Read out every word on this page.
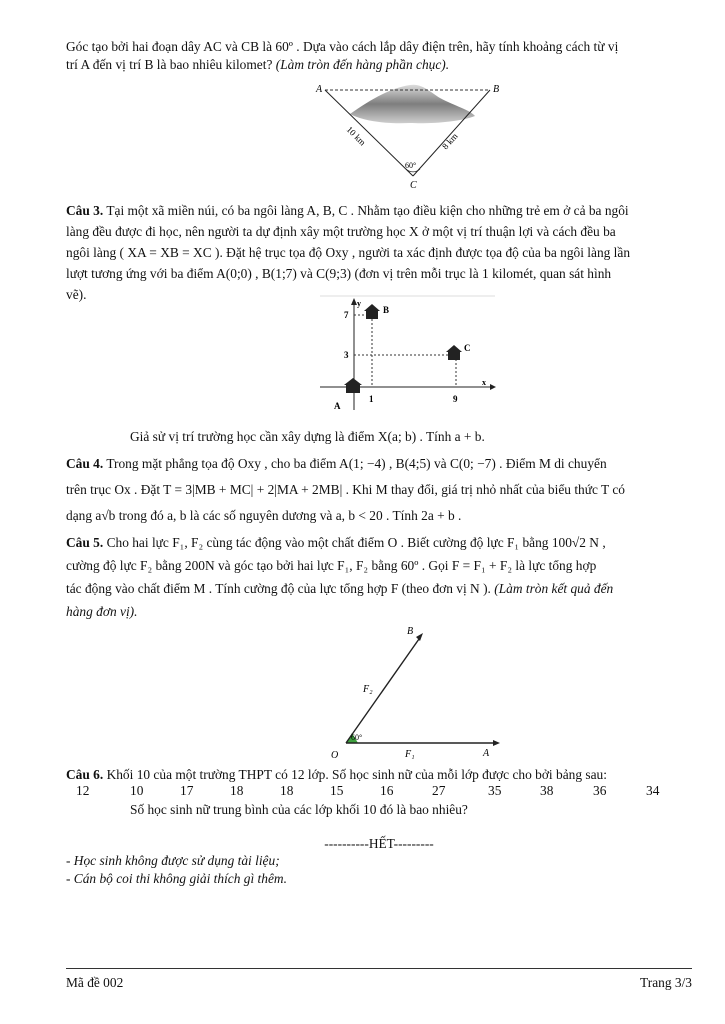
Góc tạo bởi hai đoạn dây AC và CB là 60º . Dựa vào cách lắp dây điện trên, hãy tính khoảng cách từ vị
trí A đến vị trí B là bao nhiêu kilomet? (Làm tròn đến hàng phần chục).

A	B
C
10 km	8 km
60°

Câu 3. Tại một xã miền núi, có ba ngôi làng A, B, C . Nhằm tạo điều kiện cho những trẻ em ở cả ba ngôi
làng đều được đi học, nên người ta dự định xây một trường học X ở một vị trí thuận lợi và cách đều ba
ngôi làng ( XA = XB = XC ). Đặt hệ trục tọa độ Oxy , người ta xác định được tọa độ của ba ngôi làng lần
lượt tương ứng với ba điểm A(0;0) , B(1;7) và C(9;3) (đơn vị trên mỗi trục là 1 kilomét, quan sát hình
vẽ).

y
x
7
3
1	9
A
B
C

Giả sử vị trí trường học cần xây dựng là điểm X(a; b) . Tính a + b.

Câu 4. Trong mặt phẳng tọa độ Oxy , cho ba điểm A(1; −4) , B(4;5) và C(0; −7) . Điểm M di chuyển
trên trục Ox . Đặt T = 3|MB + MC| + 2|MA + 2MB| . Khi M thay đổi, giá trị nhỏ nhất của biểu thức T có
dạng a√b trong đó a, b là các số nguyên dương và a, b < 20 . Tính 2a + b .

Câu 5. Cho hai lực F₁, F₂ cùng tác động vào một chất điểm O . Biết cường độ lực F₁ bằng 100√2 N ,
cường độ lực F₂ bằng 200N và góc tạo bởi hai lực F₁, F₂ bằng 60º . Gọi F = F₁ + F₂ là lực tổng hợp
tác động vào chất điểm M . Tính cường độ của lực tổng hợp F (theo đơn vị N ). (Làm tròn kết quả đến
hàng đơn vị).

O	A
B
F₂
F₁
60°

Câu 6. Khối 10 của một trường THPT có 12 lớp. Số học sinh nữ của mỗi lớp được cho bởi bảng sau:

12	10	17	18	18	15	16	27	35	38	36	34

Số học sinh nữ trung bình của các lớp khối 10 đó là bao nhiêu?

----------HẾT---------

- Học sinh không được sử dụng tài liệu;
- Cán bộ coi thi không giải thích gì thêm.

Mã đề 002	Trang 3/3
